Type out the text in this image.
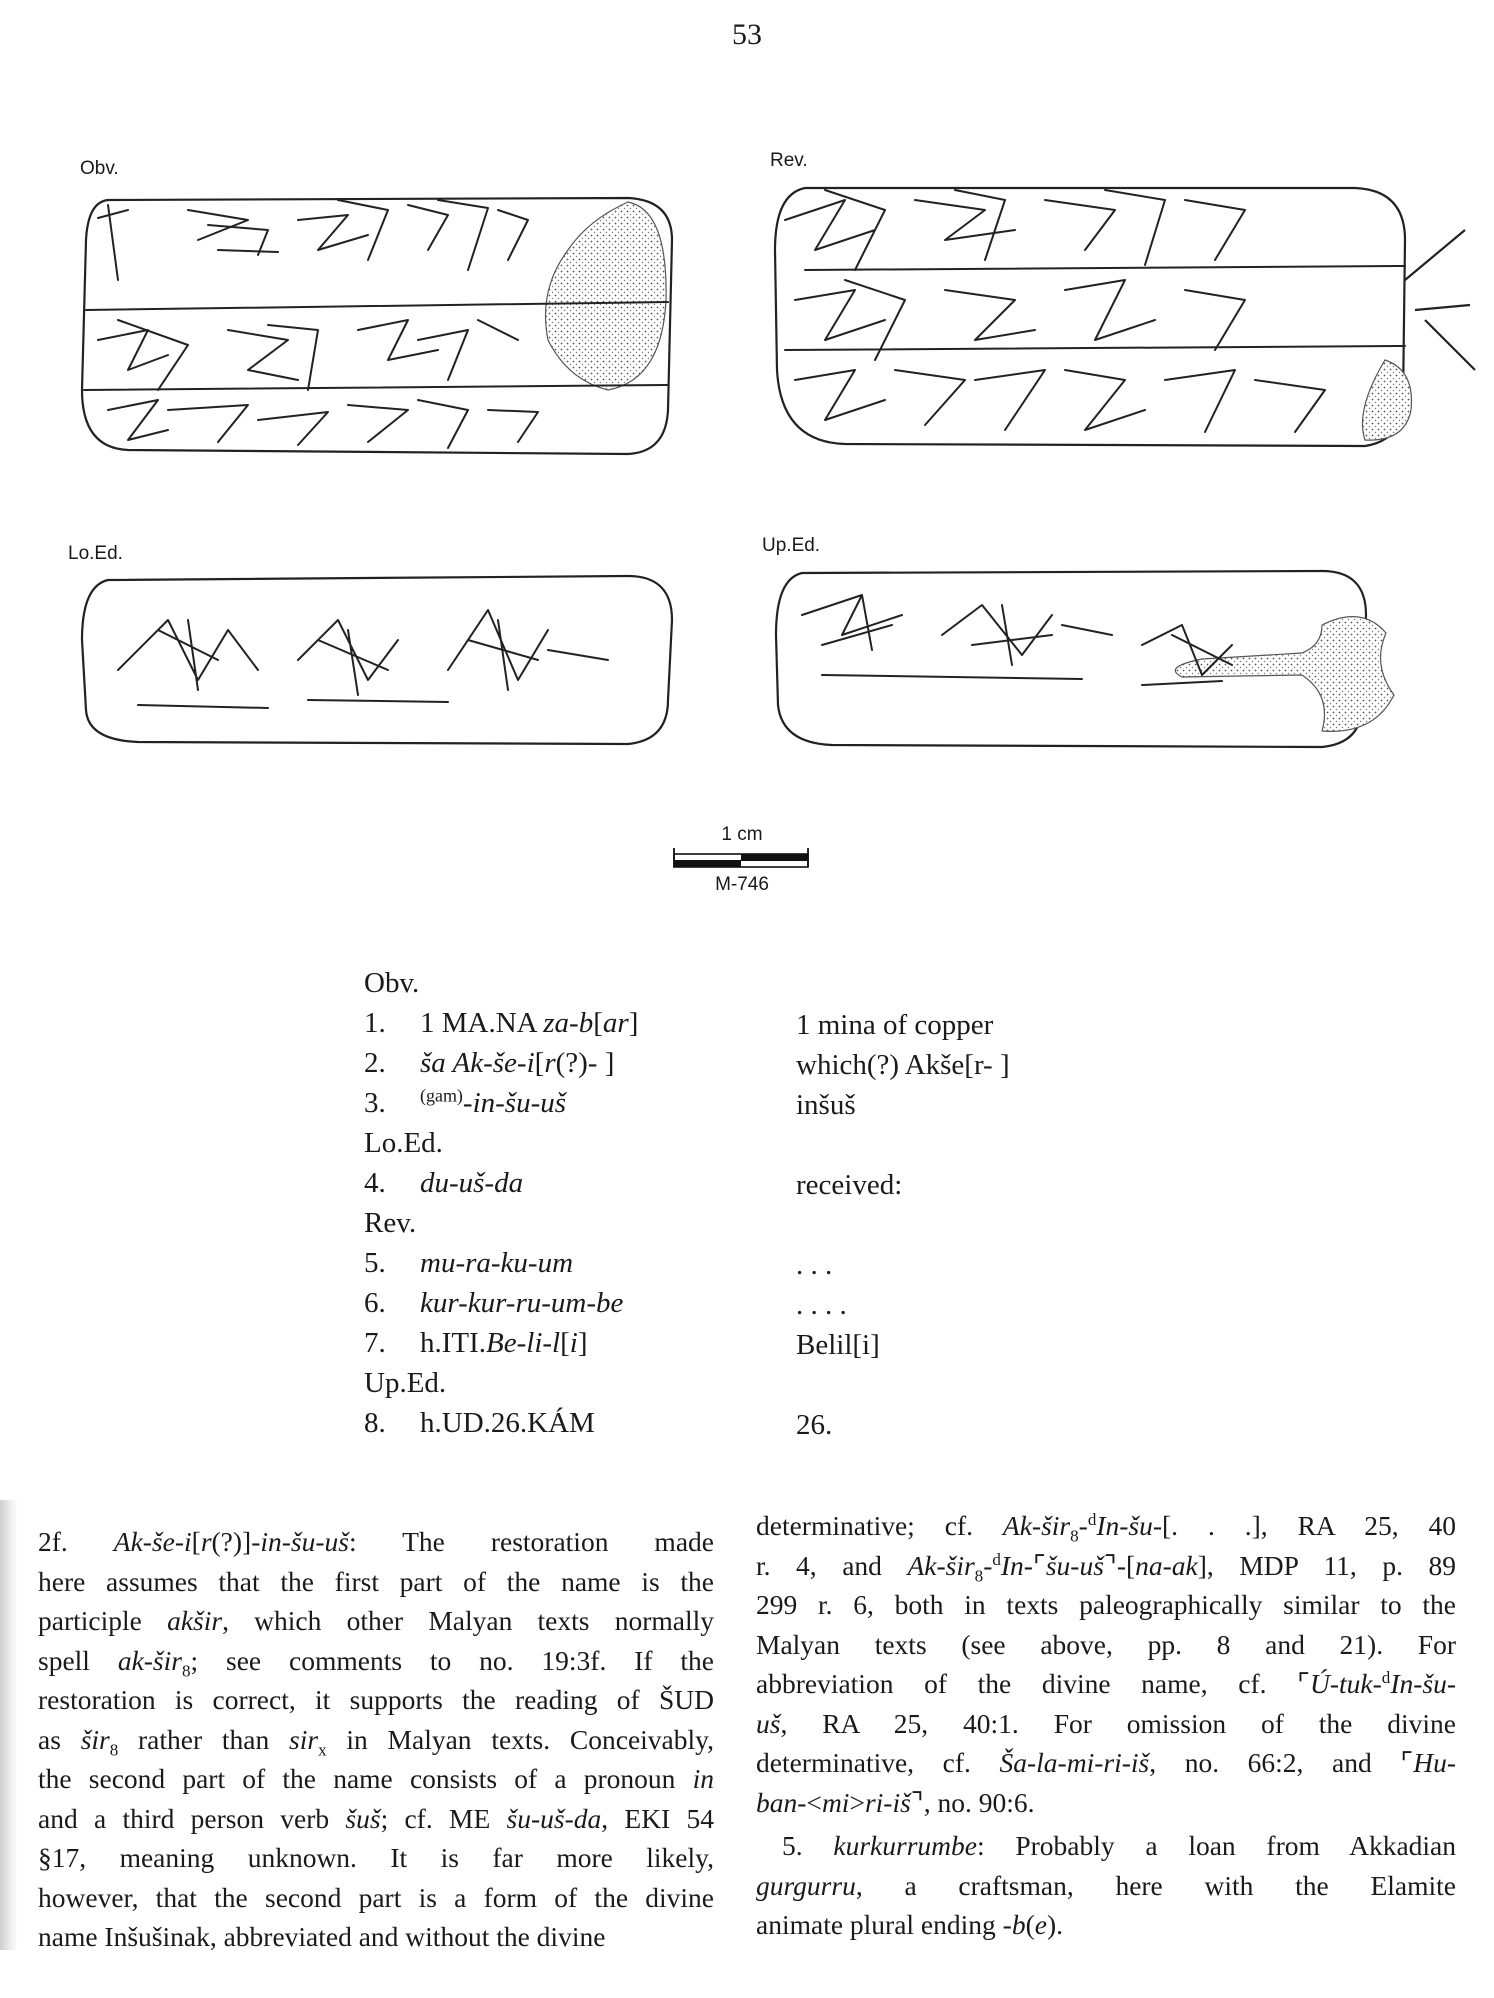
53
Obv.	Rev.
Lo.Ed.	Up.Ed.
1 cm
M-746
Obv.
1. 1 MA.NA za-b[ar]	1 mina of copper
2. ša Ak-še-i[r(?)- ]	which(?) Akše[r- ]
3. $^{(gam)}$-in-šu-uš	inšuš
Lo.Ed.
4. du-uš-da	received:
Rev.
5. mu-ra-ku-um	. . .
6. kur-kur-ru-um-be	. . . .
7. h.ITI.Be-li-l[i]	Belil[i]
Up.Ed.
8. h.UD.26.KÁM	26.
2f. Ak-še-i[r(?)]-in-šu-uš: The restoration made
here assumes that the first part of the name is the
participle akšir, which other Malyan texts normally
spell ak-šir$_8$; see comments to no. 19:3f. If the
restoration is correct, it supports the reading of ŠUD
as šir$_8$ rather than sir$_x$ in Malyan texts. Conceivably,
the second part of the name consists of a pronoun in
and a third person verb šuš; cf. ME šu-uš-da, EKI 54
§17, meaning unknown. It is far more likely,
however, that the second part is a form of the divine
name Inšušinak, abbreviated and without the divine
determinative; cf. Ak-šir$_8$-$^d$In-šu-[. . .], RA 25, 40
r. 4, and Ak-šir$_8$-$^d$In-⌜šu-uš⌝-[na-ak], MDP 11, p. 89
299 r. 6, both in texts paleographically similar to the
Malyan texts (see above, pp. 8 and 21). For
abbreviation of the divine name, cf. ⌜Ú-tuk-$^d$In-šu-
uš, RA 25, 40:1. For omission of the divine
determinative, cf. Ša-la-mi-ri-iš, no. 66:2, and ⌜Hu-
ban-<mi>ri-iš⌝, no. 90:6.
5. kurkurrumbe: Probably a loan from Akkadian
gurgurru, a craftsman, here with the Elamite
animate plural ending -b(e).
